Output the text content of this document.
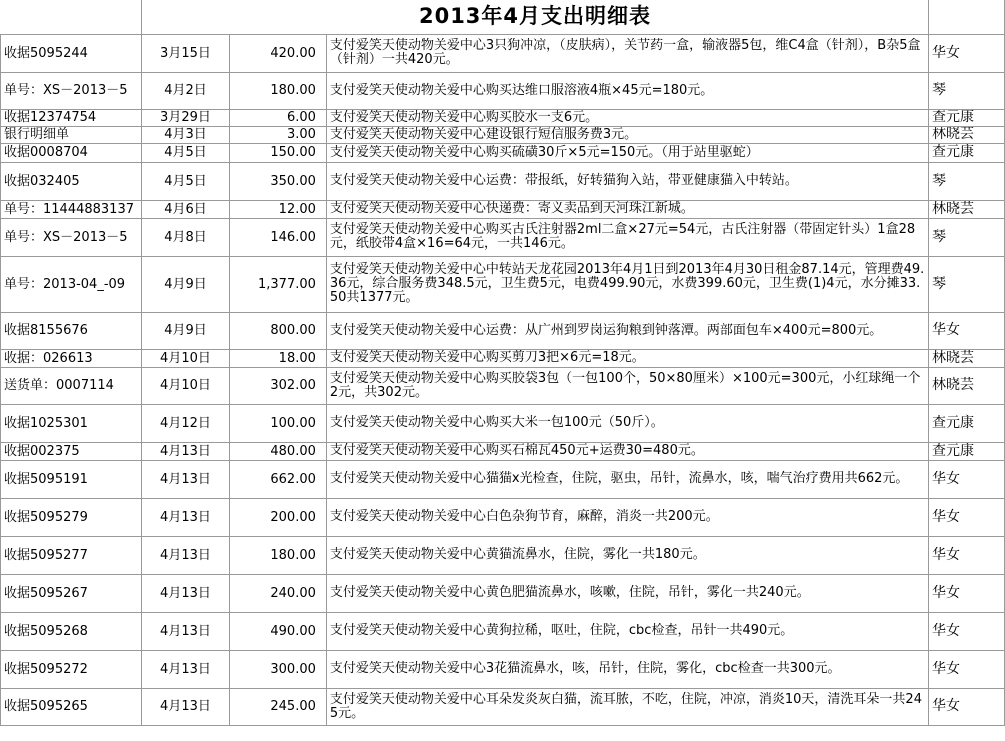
	2013年4月支出明细表			
收据5095244	3月15日	420.00	支付爱笑天使动物关爱中心3只狗冲凉，（皮肤病），关节药一盒，输液器5包，维C4盒（针剂），B杂5盒（针剂）一共420元。	华女
单号：XS－2013－5	4月2日	180.00	支付爱笑天使动物关爱中心购买达维口服溶液4瓶×45元=180元。	琴
收据12374754	3月29日	6.00	支付爱笑天使动物关爱中心购买胶水一支6元。	查元康
银行明细单	4月3日	3.00	支付爱笑天使动物关爱中心建设银行短信服务费3元。	林晓芸
收据0008704	4月5日	150.00	支付爱笑天使动物关爱中心购买硫磺30斤×5元=150元。（用于站里驱蛇）	查元康
收据032405	4月5日	350.00	支付爱笑天使动物关爱中心运费：带报纸，好转猫狗入站，带亚健康猫入中转站。	琴
单号：11444883137	4月6日	12.00	支付爱笑天使动物关爱中心快递费：寄义卖品到天河珠江新城。	林晓芸
单号：XS－2013－5	4月8日	146.00	支付爱笑天使动物关爱中心购买古氏注射器2ml二盒×27元=54元，古氏注射器（带固定针头）1盒28元，纸胶带4盒×16=64元，一共146元。	琴
单号：2013-04_-09	4月9日	1,377.00	支付爱笑天使动物关爱中心中转站天龙花园2013年4月1日到2013年4月30日租金87.14元，管理费49.36元，综合服务费348.5元，卫生费5元，电费499.90元，水费399.60元，卫生费(1)4元，水分摊33.50共1377元。	琴
收据8155676	4月9日	800.00	支付爱笑天使动物关爱中心运费：从广州到罗岗运狗粮到钟落潭。两部面包车×400元=800元。	华女
收据：026613	4月10日	18.00	支付爱笑天使动物关爱中心购买剪刀3把×6元=18元。	林晓芸
送货单：0007114	4月10日	302.00	支付爱笑天使动物关爱中心购买胶袋3包（一包100个，50×80厘米）×100元=300元，小红球绳一个2元，共302元。	林晓芸
收据1025301	4月12日	100.00	支付爱笑天使动物关爱中心购买大米一包100元（50斤）。	查元康
收据002375	4月13日	480.00	支付爱笑天使动物关爱中心购买石棉瓦450元+运费30=480元。	查元康
收据5095191	4月13日	662.00	支付爱笑天使动物关爱中心猫猫x光检查，住院，驱虫，吊针，流鼻水，咳，喘气治疗费用共662元。	华女
收据5095279	4月13日	200.00	支付爱笑天使动物关爱中心白色杂狗节育，麻醉，消炎一共200元。	华女
收据5095277	4月13日	180.00	支付爱笑天使动物关爱中心黄猫流鼻水，住院，雾化一共180元。	华女
收据5095267	4月13日	240.00	支付爱笑天使动物关爱中心黄色肥猫流鼻水，咳嗽，住院，吊针，雾化一共240元。	华女
收据5095268	4月13日	490.00	支付爱笑天使动物关爱中心黄狗拉稀，呕吐，住院，cbc检查，吊针一共490元。	华女
收据5095272	4月13日	300.00	支付爱笑天使动物关爱中心3花猫流鼻水，咳，吊针，住院，雾化，cbc检查一共300元。	华女
收据5095265	4月13日	245.00	支付爱笑天使动物关爱中心耳朵发炎灰白猫，流耳脓，不吃，住院，冲凉，消炎10天，清洗耳朵一共245元。	华女
